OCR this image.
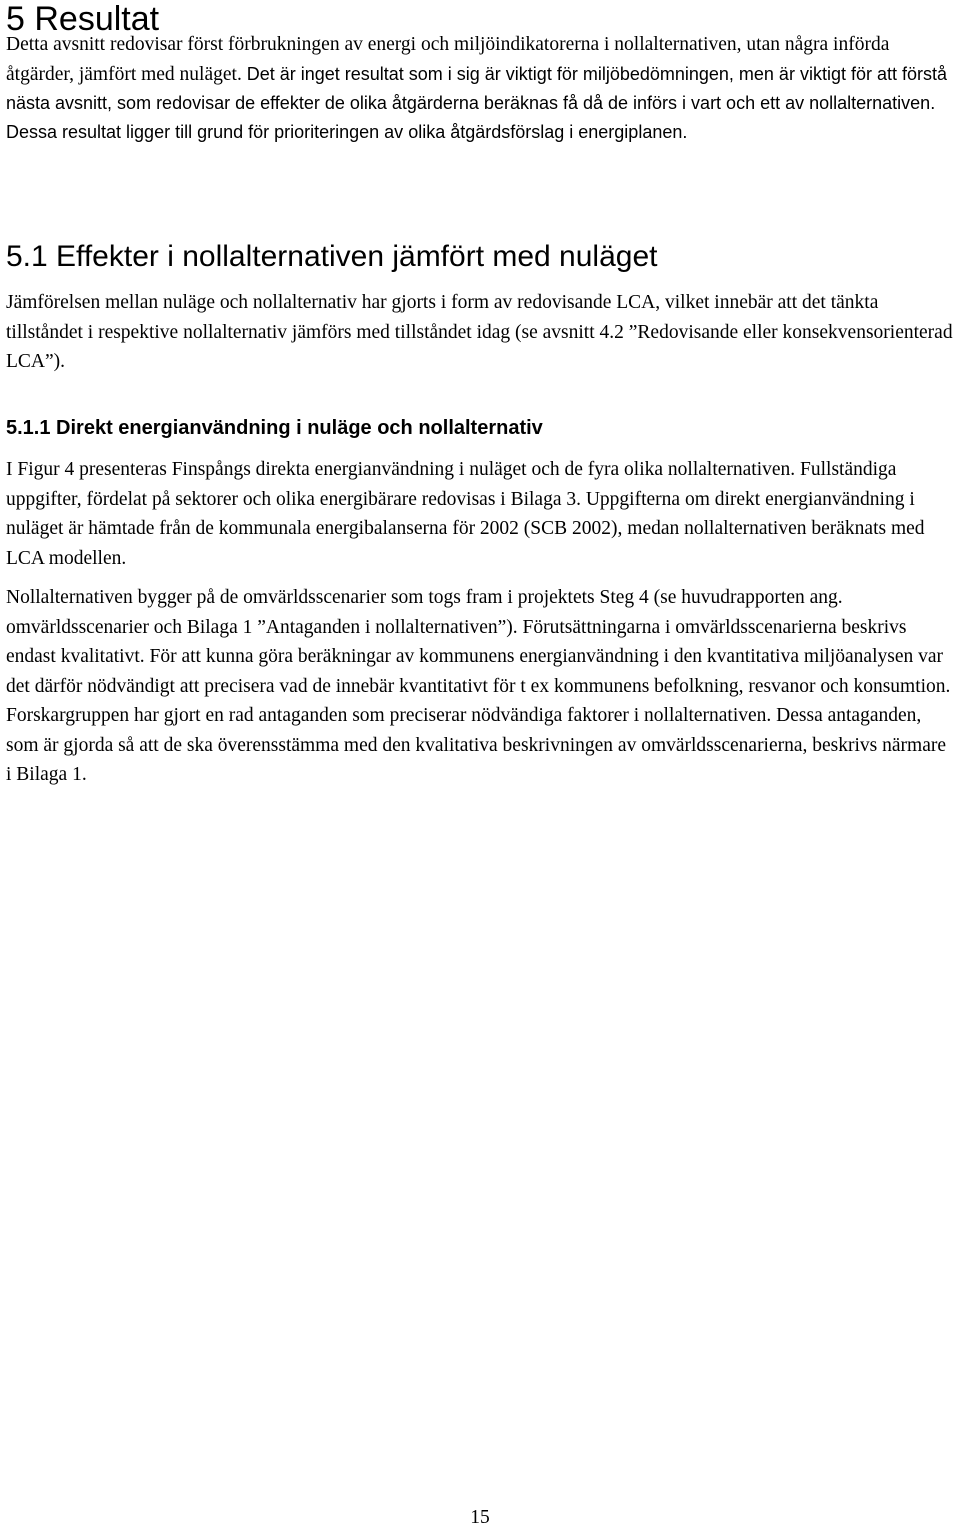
5 Resultat

Detta avsnitt redovisar först förbrukningen av energi och miljöindikatorerna i nollalternativen, utan några införda åtgärder, jämfört med nuläget. Det är inget resultat som i sig är viktigt för miljöbedömningen, men är viktigt för att förstå nästa avsnitt, som redovisar de effekter de olika åtgärderna beräknas få då de införs i vart och ett av nollalternativen. Dessa resultat ligger till grund för prioriteringen av olika åtgärdsförslag i energiplanen.

5.1 Effekter i nollalternativen jämfört med nuläget

Jämförelsen mellan nuläge och nollalternativ har gjorts i form av redovisande LCA, vilket innebär att det tänkta tillståndet i respektive nollalternativ jämförs med tillståndet idag (se avsnitt 4.2 ”Redovisande eller konsekvensorienterad LCA”).

5.1.1 Direkt energianvändning i nuläge och nollalternativ

I Figur 4 presenteras Finspångs direkta energianvändning i nuläget och de fyra olika nollalternativen. Fullständiga uppgifter, fördelat på sektorer och olika energibärare redovisas i Bilaga 3. Uppgifterna om direkt energianvändning i nuläget är hämtade från de kommunala energibalanserna för 2002 (SCB 2002), medan nollalternativen beräknats med LCA modellen.

Nollalternativen bygger på de omvärldsscenarier som togs fram i projektets Steg 4 (se huvudrapporten ang. omvärldsscenarier och Bilaga 1 ”Antaganden i nollalternativen”). Förutsättningarna i omvärldsscenarierna beskrivs endast kvalitativt. För att kunna göra beräkningar av kommunens energianvändning i den kvantitativa miljöanalysen var det därför nödvändigt att precisera vad de innebär kvantitativt för t ex kommunens befolkning, resvanor och konsumtion. Forskargruppen har gjort en rad antaganden som preciserar nödvändiga faktorer i nollalternativen. Dessa antaganden, som är gjorda så att de ska överensstämma med den kvalitativa beskrivningen av omvärldsscenarierna, beskrivs närmare i Bilaga 1.

15
